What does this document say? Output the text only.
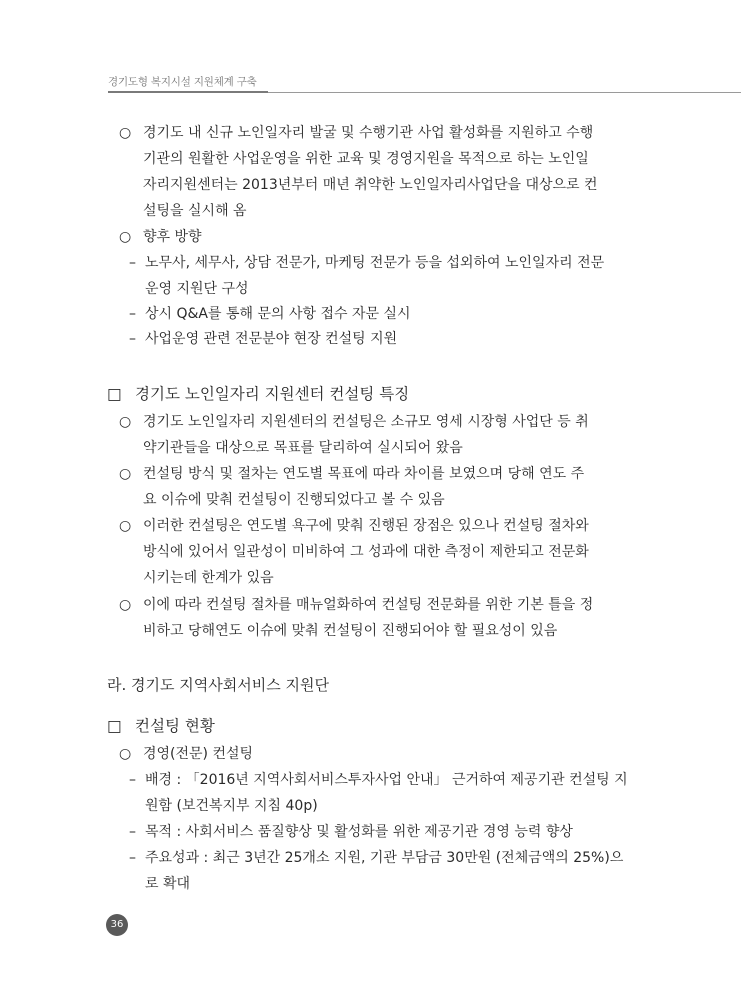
경기도형 복지시설 지원체계 구축
○ 경기도 내 신규 노인일자리 발굴 및 수행기관 사업 활성화를 지원하고 수행
기관의 원활한 사업운영을 위한 교육 및 경영지원을 목적으로 하는 노인일
자리지원센터는 2013년부터 매년 취약한 노인일자리사업단을 대상으로 컨
설팅을 실시해 옴
○ 향후 방향
– 노무사, 세무사, 상담 전문가, 마케팅 전문가 등을 섭외하여 노인일자리 전문
운영 지원단 구성
– 상시 Q&A를 통해 문의 사항 접수 자문 실시
– 사업운영 관련 전문분야 현장 컨설팅 지원
□ 경기도 노인일자리 지원센터 컨설팅 특징
○ 경기도 노인일자리 지원센터의 컨설팅은 소규모 영세 시장형 사업단 등 취
약기관들을 대상으로 목표를 달리하여 실시되어 왔음
○ 컨설팅 방식 및 절차는 연도별 목표에 따라 차이를 보였으며 당해 연도 주
요 이슈에 맞춰 컨설팅이 진행되었다고 볼 수 있음
○ 이러한 컨설팅은 연도별 욕구에 맞춰 진행된 장점은 있으나 컨설팅 절차와
방식에 있어서 일관성이 미비하여 그 성과에 대한 측정이 제한되고 전문화
시키는데 한계가 있음
○ 이에 따라 컨설팅 절차를 매뉴얼화하여 컨설팅 전문화를 위한 기본 틀을 정
비하고 당해연도 이슈에 맞춰 컨설팅이 진행되어야 할 필요성이 있음
라. 경기도 지역사회서비스 지원단
□ 컨설팅 현황
○ 경영(전문) 컨설팅
– 배경 : 「2016년 지역사회서비스투자사업 안내」 근거하여 제공기관 컨설팅 지
원함 (보건복지부 지침 40p)
– 목적 : 사회서비스 품질향상 및 활성화를 위한 제공기관 경영 능력 향상
– 주요성과 : 최근 3년간 25개소 지원, 기관 부담금 30만원 (전체금액의 25%)으
로 확대
36
